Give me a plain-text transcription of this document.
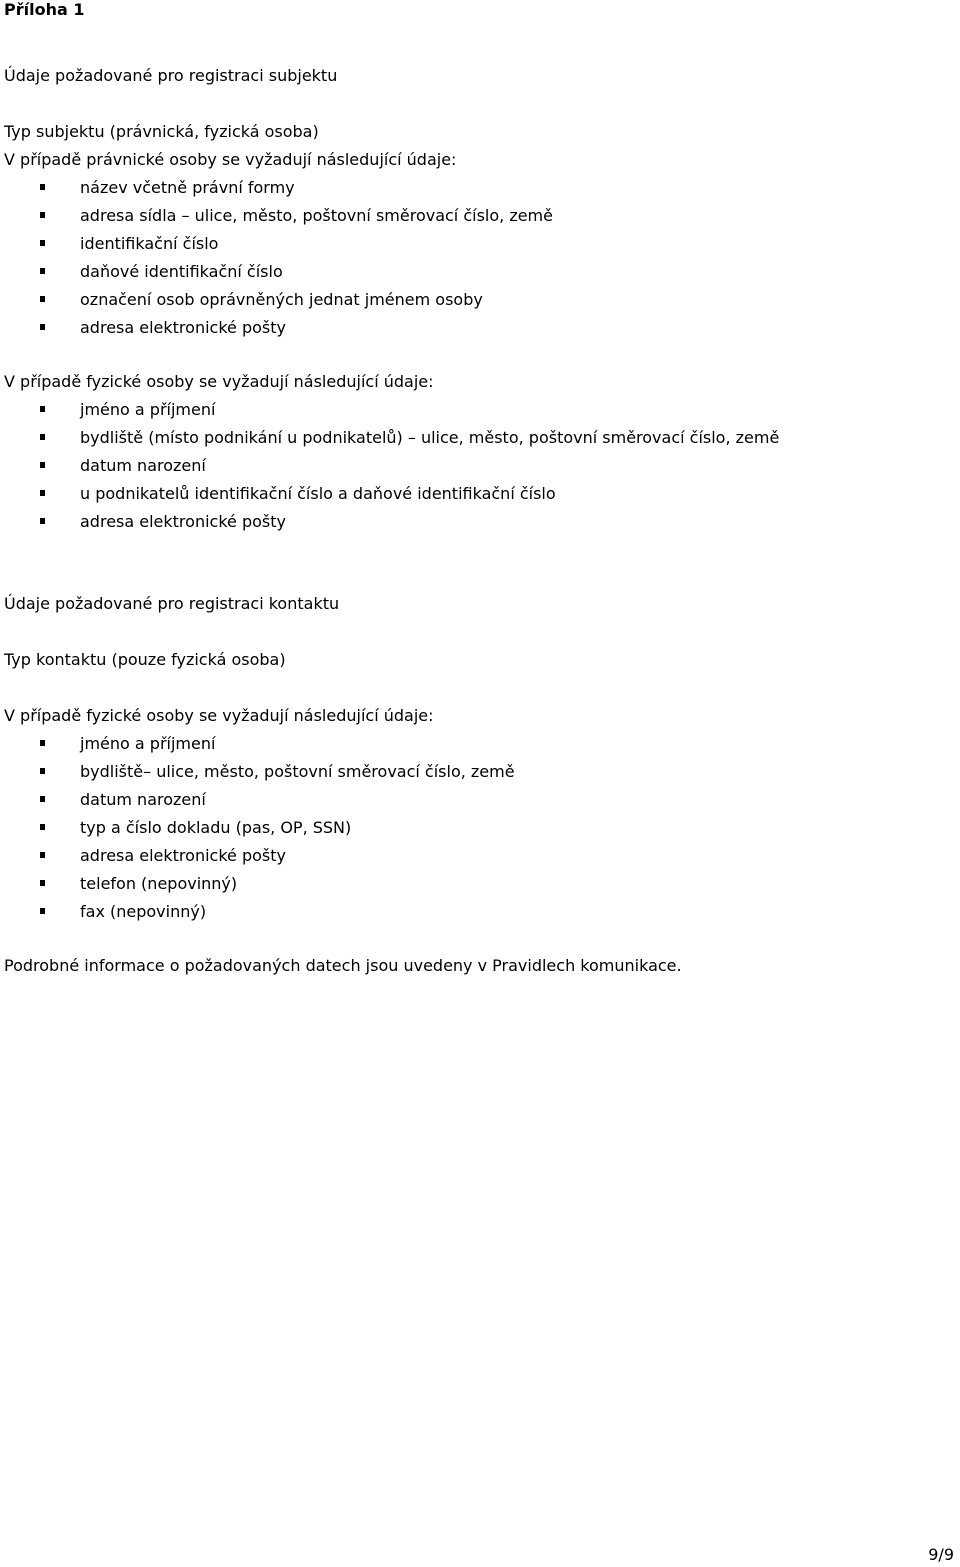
Příloha 1
Údaje požadované pro registraci subjektu
Typ subjektu (právnická, fyzická osoba)
V případě právnické osoby se vyžadují následující údaje:
název včetně právní formy
adresa sídla – ulice, město, poštovní směrovací číslo, země
identifikační číslo
daňové identifikační číslo
označení osob oprávněných jednat jménem osoby
adresa elektronické pošty
V případě fyzické osoby se vyžadují následující údaje:
jméno a příjmení
bydliště (místo podnikání u podnikatelů) – ulice, město, poštovní směrovací číslo, země
datum narození
u podnikatelů identifikační číslo a daňové identifikační číslo
adresa elektronické pošty
Údaje požadované pro registraci kontaktu
Typ kontaktu (pouze fyzická osoba)
V případě fyzické osoby se vyžadují následující údaje:
jméno a příjmení
bydliště– ulice, město, poštovní směrovací číslo, země
datum narození
typ a číslo dokladu (pas, OP, SSN)
adresa elektronické pošty
telefon (nepovinný)
fax (nepovinný)
Podrobné informace o požadovaných datech jsou uvedeny v Pravidlech komunikace.
9/9
